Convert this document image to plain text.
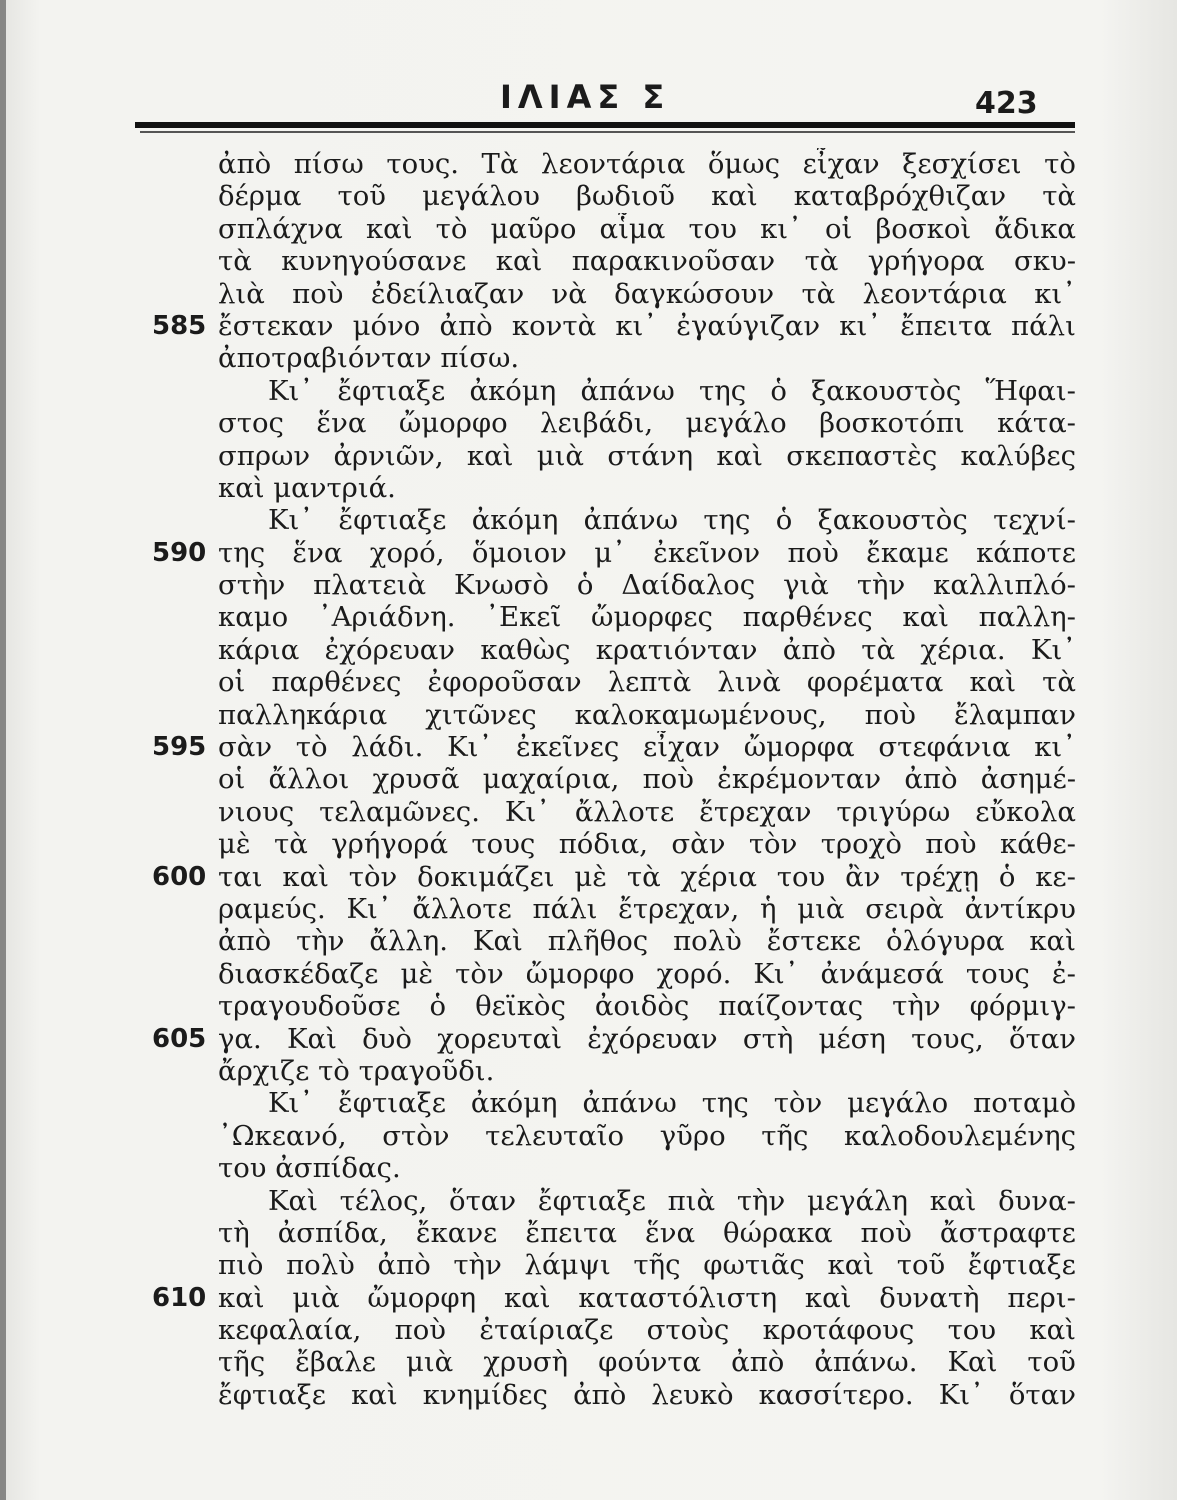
ΙΛΙΑΣ Σ	423
ἀπὸ πίσω τους. Τὰ λεοντάρια ὅμως εἶχαν ξεσχίσει τὸ
δέρμα τοῦ μεγάλου βωδιοῦ καὶ καταβρόχθιζαν τὰ
σπλάχνα καὶ τὸ μαῦρο αἷμα του κι᾿ οἱ βοσκοὶ ἄδικα
τὰ κυνηγούσανε καὶ παρακινοῦσαν τὰ γρήγορα σκυ-
λιὰ ποὺ ἐδείλιαζαν νὰ δαγκώσουν τὰ λεοντάρια κι᾿
585 ἔστεκαν μόνο ἀπὸ κοντὰ κι᾿ ἐγαύγιζαν κι᾿ ἔπειτα πάλι
ἀποτραβιόνταν πίσω.
Κι᾿ ἔφτιαξε ἀκόμη ἀπάνω της ὁ ξακουστὸς Ἥφαι-
στος ἕνα ὤμορφο λειβάδι, μεγάλο βοσκοτόπι κάτα-
σπρων ἀρνιῶν, καὶ μιὰ στάνη καὶ σκεπαστὲς καλύβες
καὶ μαντριά.
Κι᾿ ἔφτιαξε ἀκόμη ἀπάνω της ὁ ξακουστὸς τεχνί-
590 της ἕνα χορό, ὅμοιον μ᾿ ἐκεῖνον ποὺ ἔκαμε κάποτε
στὴν πλατειὰ Κνωσὸ ὁ Δαίδαλος γιὰ τὴν καλλιπλό-
καμο ᾿Αριάδνη. ᾿Εκεῖ ὤμορφες παρθένες καὶ παλλη-
κάρια ἐχόρευαν καθὼς κρατιόνταν ἀπὸ τὰ χέρια. Κι᾿
οἱ παρθένες ἐφοροῦσαν λεπτὰ λινὰ φορέματα καὶ τὰ
παλληκάρια χιτῶνες καλοκαμωμένους, ποὺ ἔλαμπαν
595 σὰν τὸ λάδι. Κι᾿ ἐκεῖνες εἶχαν ὤμορφα στεφάνια κι᾿
οἱ ἄλλοι χρυσᾶ μαχαίρια, ποὺ ἐκρέμονταν ἀπὸ ἀσημέ-
νιους τελαμῶνες. Κι᾿ ἄλλοτε ἔτρεχαν τριγύρω εὔκολα
μὲ τὰ γρήγορά τους πόδια, σὰν τὸν τροχὸ ποὺ κάθε-
600 ται καὶ τὸν δοκιμάζει μὲ τὰ χέρια του ἂν τρέχῃ ὁ κε-
ραμεύς. Κι᾿ ἄλλοτε πάλι ἔτρεχαν, ἡ μιὰ σειρὰ ἀντίκρυ
ἀπὸ τὴν ἄλλη. Καὶ πλῆθος πολὺ ἔστεκε ὁλόγυρα καὶ
διασκέδαζε μὲ τὸν ὤμορφο χορό. Κι᾿ ἀνάμεσά τους ἐ-
τραγουδοῦσε ὁ θεϊκὸς ἀοιδὸς παίζοντας τὴν φόρμιγ-
605 γα. Καὶ δυὸ χορευταὶ ἐχόρευαν στὴ μέση τους, ὅταν
ἄρχιζε τὸ τραγοῦδι.
Κι᾿ ἔφτιαξε ἀκόμη ἀπάνω της τὸν μεγάλο ποταμὸ
᾿Ωκεανό, στὸν τελευταῖο γῦρο τῆς καλοδουλεμένης
του ἀσπίδας.
Καὶ τέλος, ὅταν ἔφτιαξε πιὰ τὴν μεγάλη καὶ δυνα-
τὴ ἀσπίδα, ἔκανε ἔπειτα ἕνα θώρακα ποὺ ἄστραφτε
πιὸ πολὺ ἀπὸ τὴν λάμψι τῆς φωτιᾶς καὶ τοῦ ἔφτιαξε
610 καὶ μιὰ ὤμορφη καὶ καταστόλιστη καὶ δυνατὴ περι-
κεφαλαία, ποὺ ἐταίριαζε στοὺς κροτάφους του καὶ
τῆς ἔβαλε μιὰ χρυσὴ φούντα ἀπὸ ἀπάνω. Καὶ τοῦ
ἔφτιαξε καὶ κνημίδες ἀπὸ λευκὸ κασσίτερο. Κι᾿ ὅταν
